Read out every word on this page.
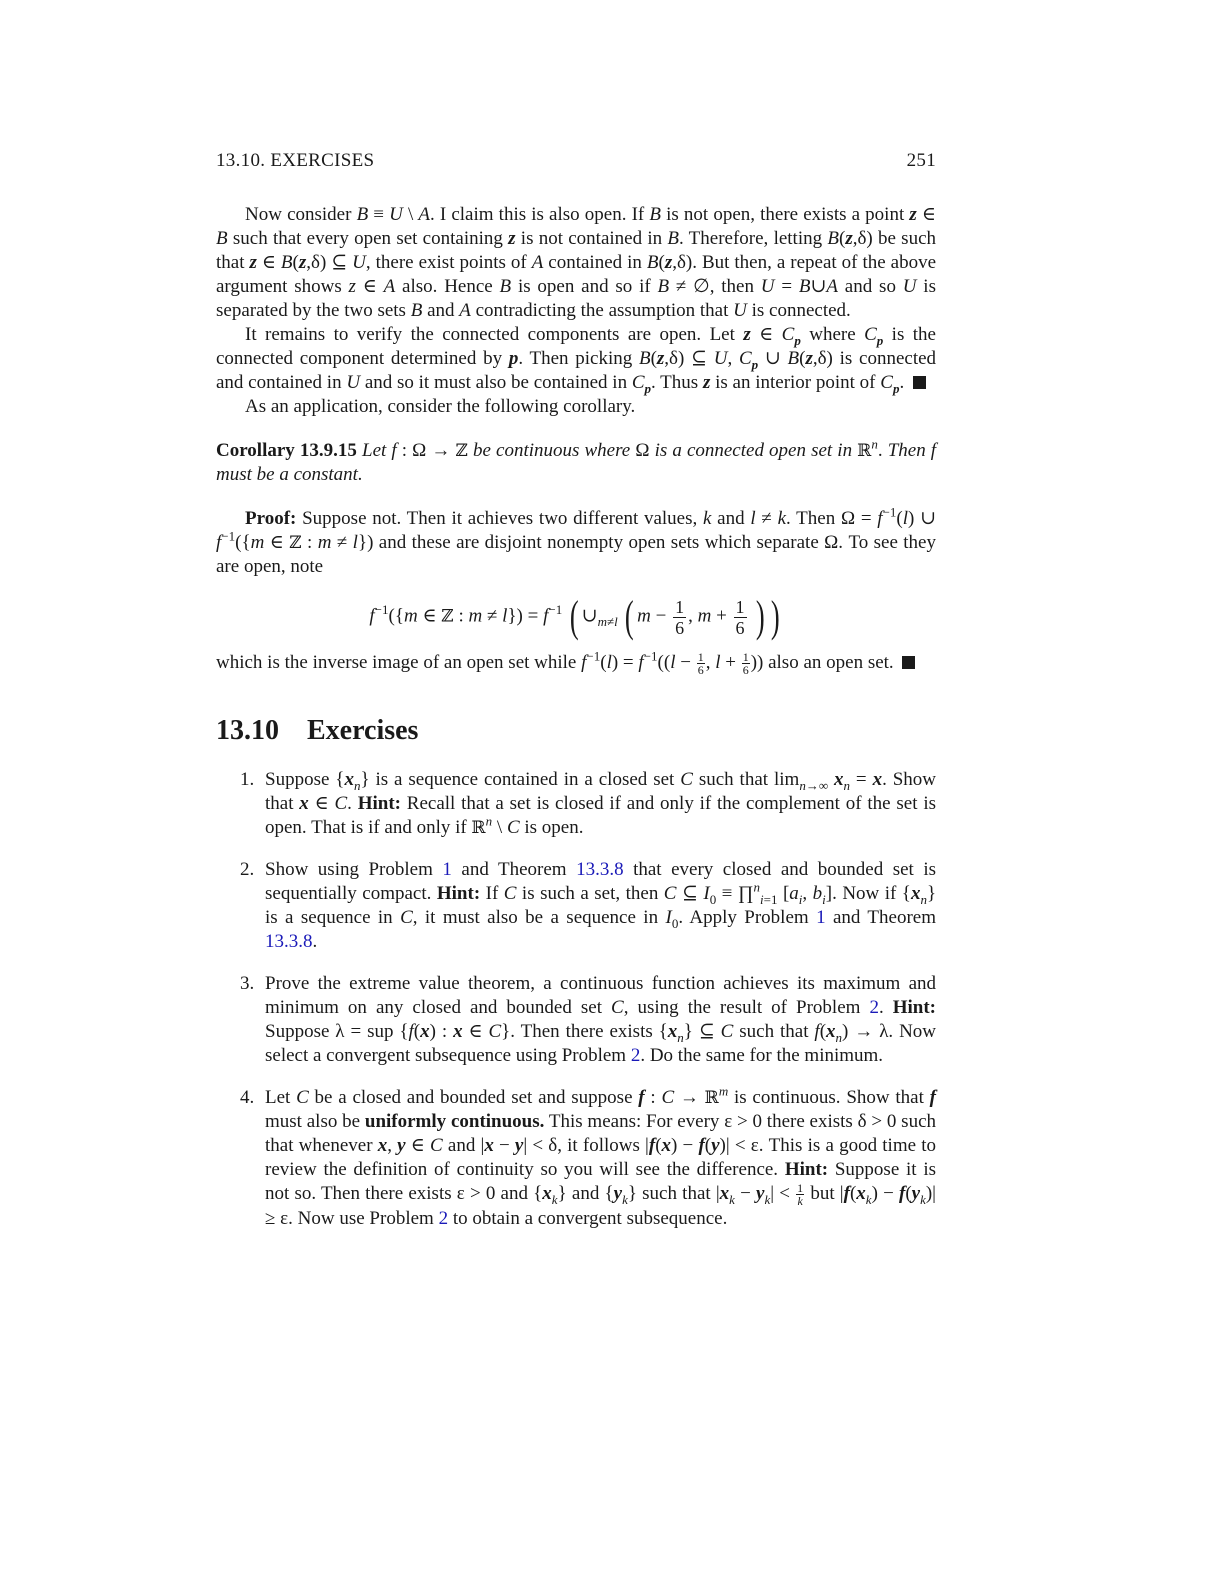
13.10. EXERCISES	251

Now consider B ≡ U \ A. I claim this is also open. If B is not open, there exists a point z ∈ B such that every open set containing z is not contained in B. Therefore, letting B(z,δ) be such that z ∈ B(z,δ) ⊆ U, there exist points of A contained in B(z,δ). But then, a repeat of the above argument shows z ∈ A also. Hence B is open and so if B ≠ ∅, then U = B∪A and so U is separated by the two sets B and A contradicting the assumption that U is connected.

It remains to verify the connected components are open. Let z ∈ $C_p$ where $C_p$ is the connected component determined by p. Then picking B(z,δ) ⊆ U, $C_p$ ∪ B(z,δ) is connected and contained in U and so it must also be contained in $C_p$. Thus z is an interior point of $C_p$.

As an application, consider the following corollary.

Corollary 13.9.15 Let f : Ω → ℤ be continuous where Ω is a connected open set in ℝ$^n$. Then f must be a constant.

Proof: Suppose not. Then it achieves two different values, k and l ≠ k. Then $\Omega = f^{-1}(l)$ ∪ $f^{-1}(\{m$ ∈ ℤ : m ≠ l}) and these are disjoint nonempty open sets which separate Ω. To see they are open, note

$f^{-1}(\{m$ ∈ ℤ : $m \ne l\}) = f^{-1}$ ( $\cup_{m\ne l}$ ( $m - \frac{1}{6}$ , $m + \frac{1}{6}$ ) )

which is the inverse image of an open set while $f^{-1}(l) = f^{-1}((l - \frac{1}{6}$ , $l + \frac{1}{6}$ )) also an open set.

13.10 Exercises
1. Suppose $\{x_n\}$ is a sequence contained in a closed set C such that $\lim_{n\to\infty} x_n = x$. Show that x ∈ C. Hint: Recall that a set is closed if and only if the complement of the set is open. That is if and only if ℝ$^n$ \ C is open.
2. Show using Problem 1 and Theorem 13.3.8 that every closed and bounded set is sequentially compact. Hint: If C is such a set, then C ⊆ $I_0$ ≡ ∏$^n_{i=1}$ [$a_i$, $b_i$]. Now if $\{x_n\}$ is a sequence in C, it must also be a sequence in $I_0$. Apply Problem 1 and Theorem 13.3.8.
3. Prove the extreme value theorem, a continuous function achieves its maximum and minimum on any closed and bounded set C, using the result of Problem 2. Hint: Suppose λ = sup {f(x) : x ∈ C}. Then there exists $\{x_n\}$ ⊆ C such that $f(x_n) \to \lambda$. Now select a convergent subsequence using Problem 2. Do the same for the minimum.
4. Let C be a closed and bounded set and suppose f : C → ℝ$^m$ is continuous. Show that f must also be uniformly continuous. This means: For every ε > 0 there exists δ > 0 such that whenever x, y ∈ C and |x − y| < δ, it follows |f(x) − f(y)| < ε. This is a good time to review the definition of continuity so you will see the difference. Hint: Suppose it is not so. Then there exists ε > 0 and $\{x_k\}$ and $\{y_k\}$ such that $|x_k - y_k| < \frac{1}{k}$ but $|f(x_k) - f(y_k)| \ge \varepsilon$. Now use Problem 2 to obtain a convergent subsequence.
